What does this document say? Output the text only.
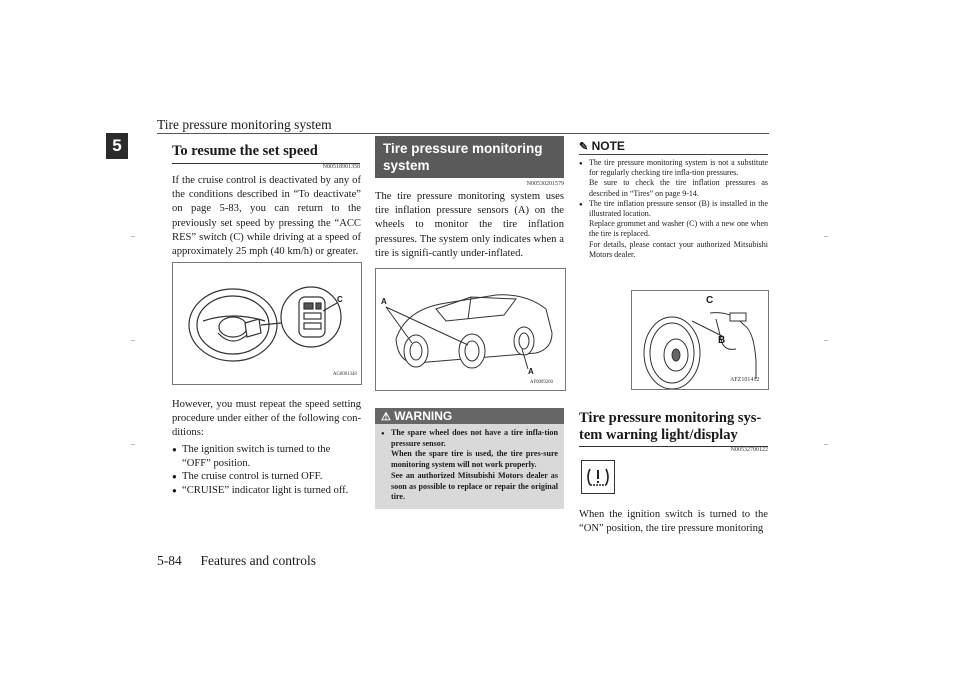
Tire pressure monitoring system
5	To resume the set speed
N00518901358
If the cruise control is deactivated by any of the conditions described in “To deactivate” on page 5-83, you can return to the previously set speed by pressing the “ACC RES” switch (C) while driving at a speed of approximately 25 mph (40 km/h) or greater.
C
AG0001348
However, you must repeat the speed setting procedure under either of the following con-ditions:
● The ignition switch is turned to the “OFF” position.
● The cruise control is turned OFF.
● “CRUISE” indicator light is turned off.
Tire pressure monitoring system
N00530201579
The tire pressure monitoring system uses tire inflation pressure sensors (A) on the wheels to monitor the tire inflation pressures. The system only indicates when a tire is signifi-cantly under-inflated.
A
A
AF0009260
⚠ WARNING
● The spare wheel does not have a tire infla-tion pressure sensor.
When the spare tire is used, the tire pres-sure monitoring system will not work properly.
See an authorized Mitsubishi Motors dealer as soon as possible to replace or repair the original tire.
✎ NOTE
● The tire pressure monitoring system is not a substitute for regularly checking tire infla-tion pressures.
Be sure to check the tire inflation pressures as described in “Tires” on page 9-14.
● The tire inflation pressure sensor (B) is installed in the illustrated location.
Replace grommet and washer (C) with a new one when the tire is replaced.
For details, please contact your authorized Mitsubishi Motors dealer.
C
B
AFZ101412
Tire pressure monitoring sys-tem warning light/display
N00532700122
When the ignition switch is turned to the “ON” position, the tire pressure monitoring
5-84 Features and controls
